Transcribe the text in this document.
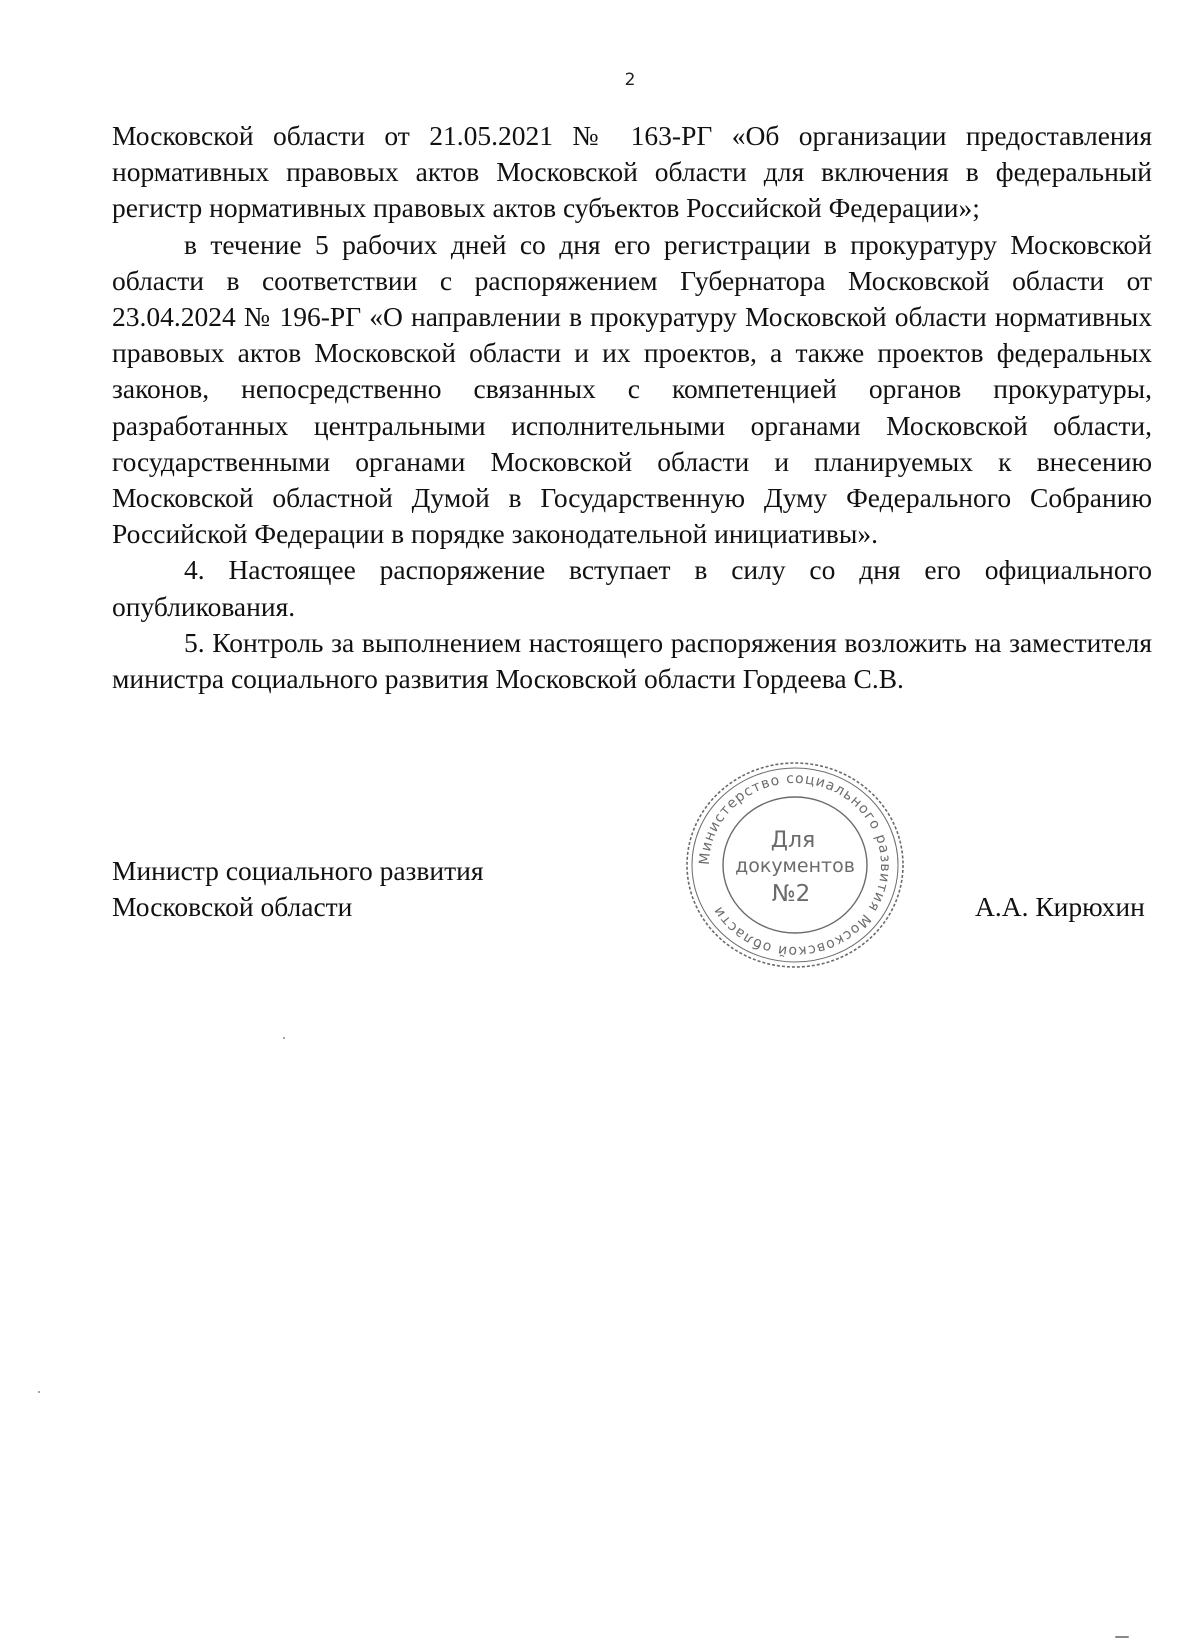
2

Московской области от 21.05.2021 № 163-РГ «Об организации предоставления нормативных правовых актов Московской области для включения в федеральный регистр нормативных правовых актов субъектов Российской Федерации»;

в течение 5 рабочих дней со дня его регистрации в прокуратуру Московской области в соответствии с распоряжением Губернатора Московской области от 23.04.2024 № 196-РГ «О направлении в прокуратуру Московской области нормативных правовых актов Московской области и их проектов, а также проектов федеральных законов, непосредственно связанных с компетенцией органов прокуратуры, разработанных центральными исполнительными органами Московской области, государственными органами Московской области и планируемых к внесению Московской областной Думой в Государственную Думу Федерального Собранию Российской Федерации в порядке законодательной инициативы».

4. Настоящее распоряжение вступает в силу со дня его официального опубликования.

5. Контроль за выполнением настоящего распоряжения возложить на заместителя министра социального развития Московской области Гордеева С.В.

Министр социального развития
Московской области
Министерство социального развития Московской области
Для
документов
№2	А.А. Кирюхин
